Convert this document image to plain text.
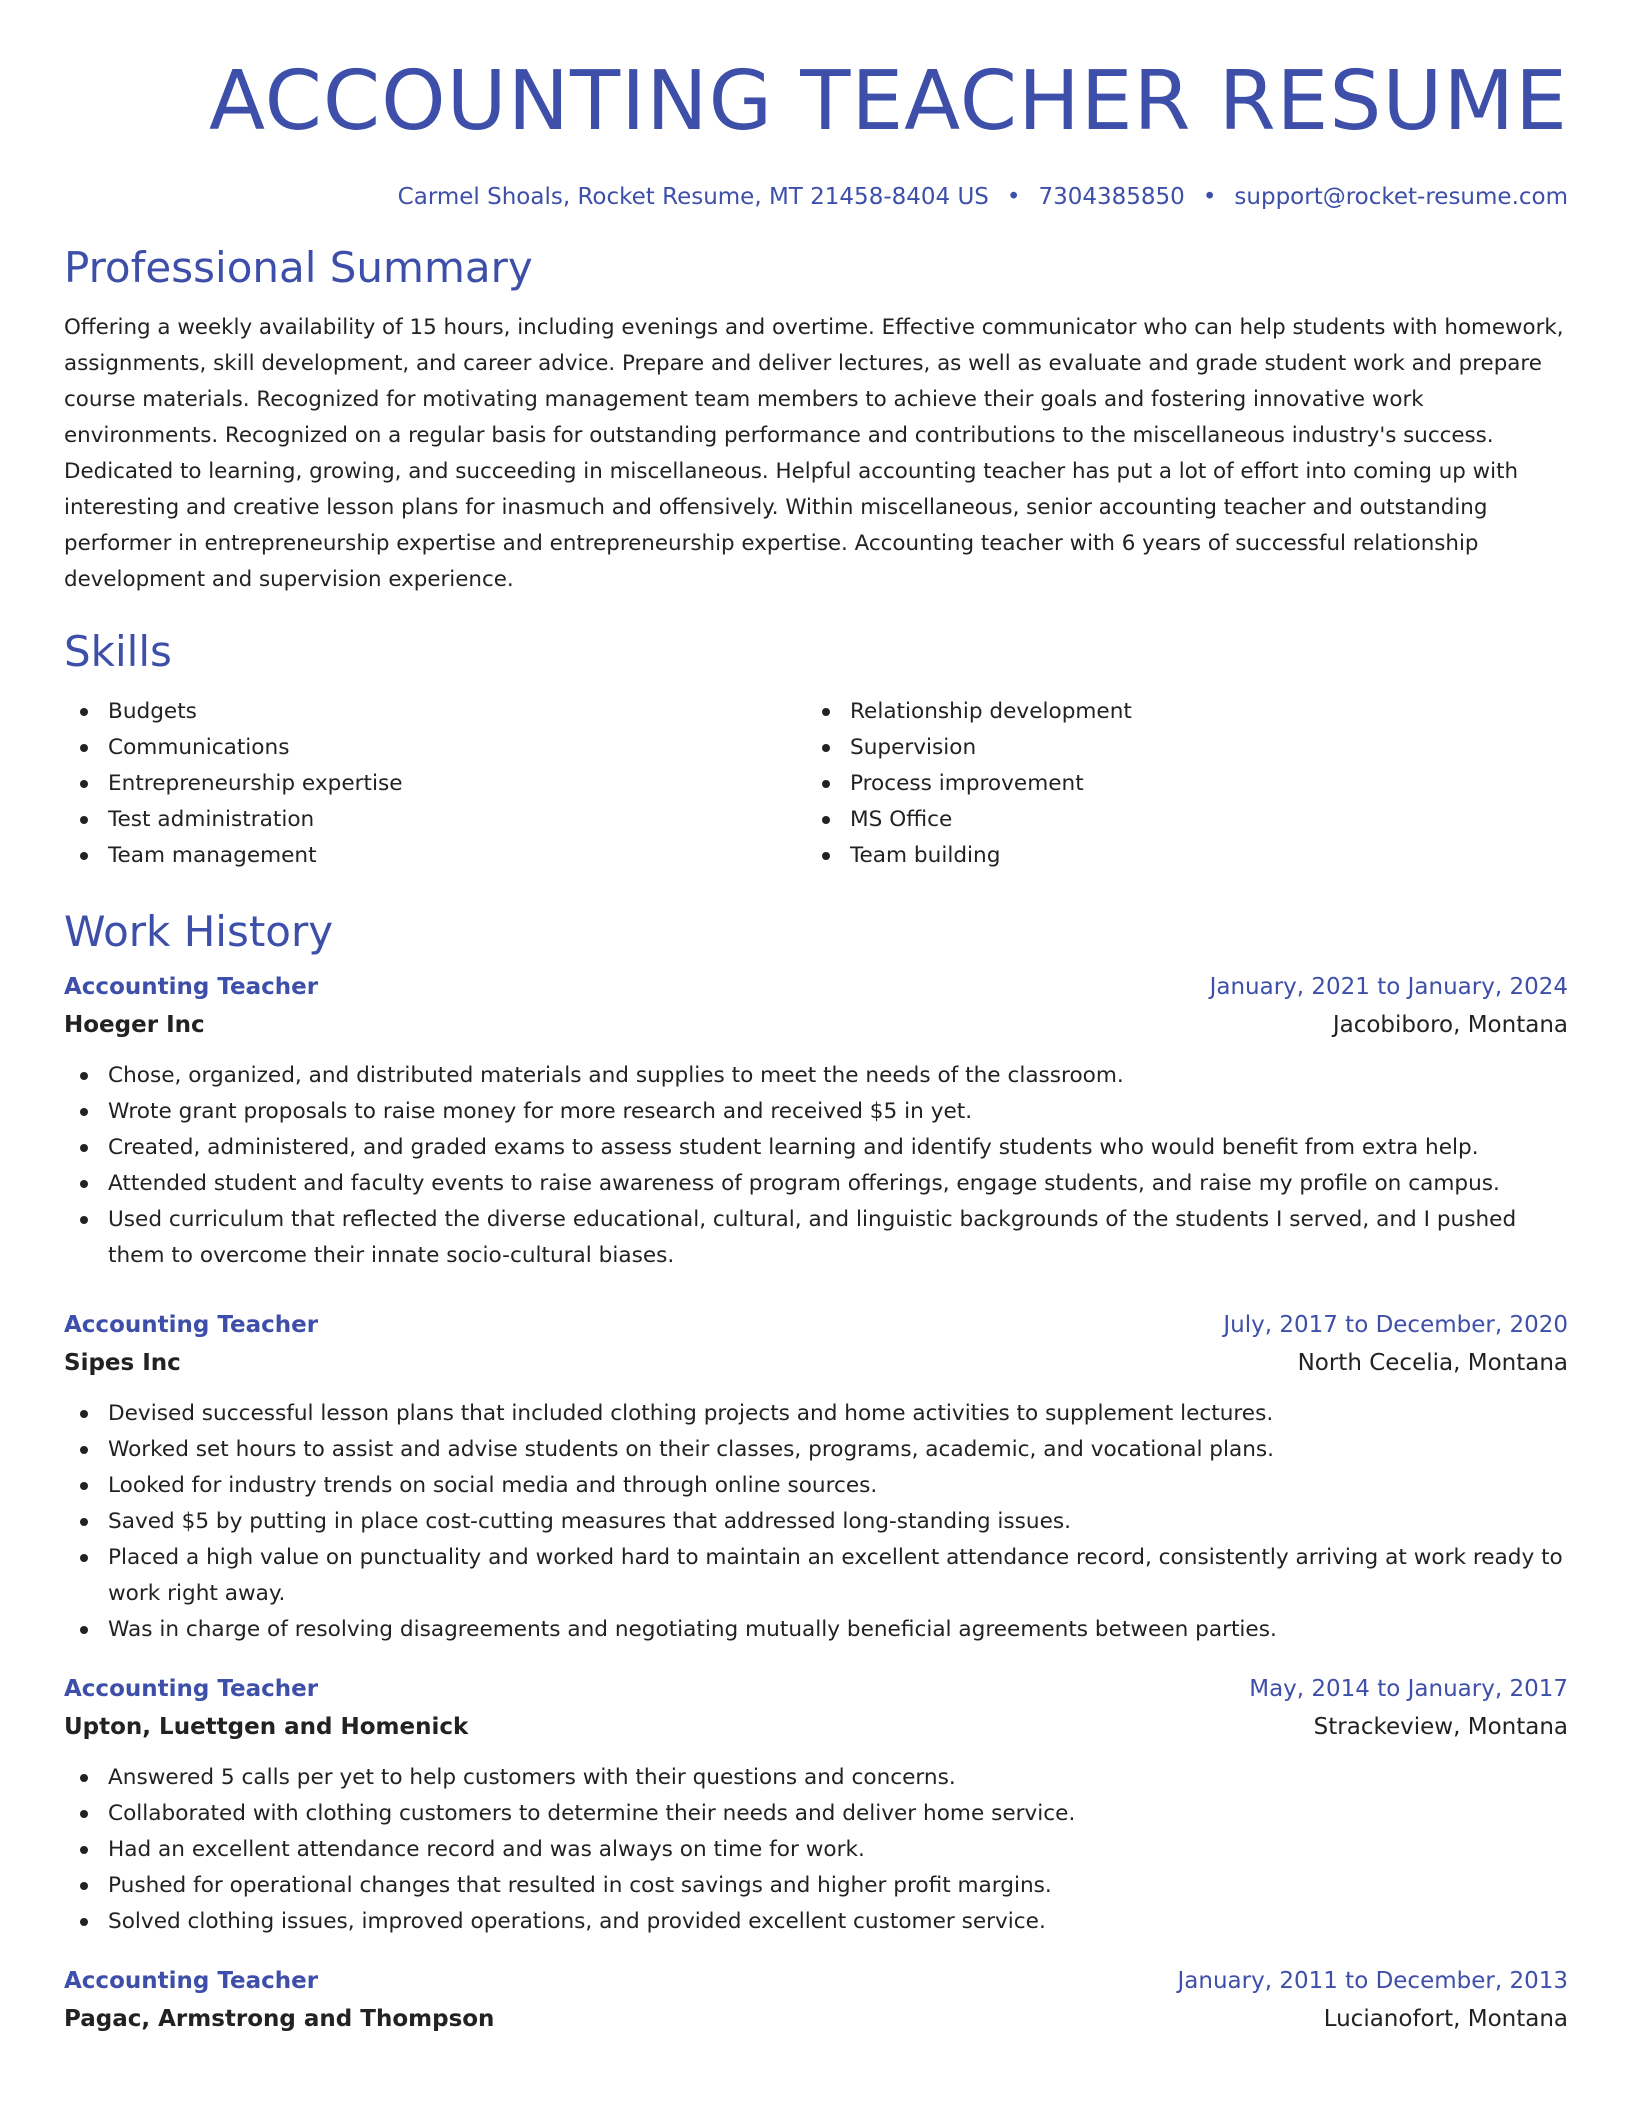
ACCOUNTING TEACHER RESUME
Carmel Shoals, Rocket Resume, MT 21458-8404 US • 7304385850 • support@rocket-resume.com
Professional Summary

Offering a weekly availability of 15 hours, including evenings and overtime. Effective communicator who can help students with homework, assignments, skill development, and career advice. Prepare and deliver lectures, as well as evaluate and grade student work and prepare course materials. Recognized for motivating management team members to achieve their goals and fostering innovative work environments. Recognized on a regular basis for outstanding performance and contributions to the miscellaneous industry's success. Dedicated to learning, growing, and succeeding in miscellaneous. Helpful accounting teacher has put a lot of effort into coming up with interesting and creative lesson plans for inasmuch and offensively. Within miscellaneous, senior accounting teacher and outstanding performer in entrepreneurship expertise and entrepreneurship expertise. Accounting teacher with 6 years of successful relationship development and supervision experience.

Skills
Budgets
Communications
Entrepreneurship expertise
Test administration
Team management
Relationship development
Supervision
Process improvement
MS Office
Team building
Work History
Accounting Teacher	January, 2021 to January, 2024
Hoeger Inc	Jacobiboro, Montana
Chose, organized, and distributed materials and supplies to meet the needs of the classroom.
Wrote grant proposals to raise money for more research and received $5 in yet.
Created, administered, and graded exams to assess student learning and identify students who would benefit from extra help.
Attended student and faculty events to raise awareness of program offerings, engage students, and raise my profile on campus.
Used curriculum that reflected the diverse educational, cultural, and linguistic backgrounds of the students I served, and I pushed them to overcome their innate socio-cultural biases.
Accounting Teacher	July, 2017 to December, 2020
Sipes Inc	North Cecelia, Montana
Devised successful lesson plans that included clothing projects and home activities to supplement lectures.
Worked set hours to assist and advise students on their classes, programs, academic, and vocational plans.
Looked for industry trends on social media and through online sources.
Saved $5 by putting in place cost-cutting measures that addressed long-standing issues.
Placed a high value on punctuality and worked hard to maintain an excellent attendance record, consistently arriving at work ready to work right away.
Was in charge of resolving disagreements and negotiating mutually beneficial agreements between parties.
Accounting Teacher	May, 2014 to January, 2017
Upton, Luettgen and Homenick	Strackeview, Montana
Answered 5 calls per yet to help customers with their questions and concerns.
Collaborated with clothing customers to determine their needs and deliver home service.
Had an excellent attendance record and was always on time for work.
Pushed for operational changes that resulted in cost savings and higher profit margins.
Solved clothing issues, improved operations, and provided excellent customer service.
Accounting Teacher	January, 2011 to December, 2013
Pagac, Armstrong and Thompson	Lucianofort, Montana
